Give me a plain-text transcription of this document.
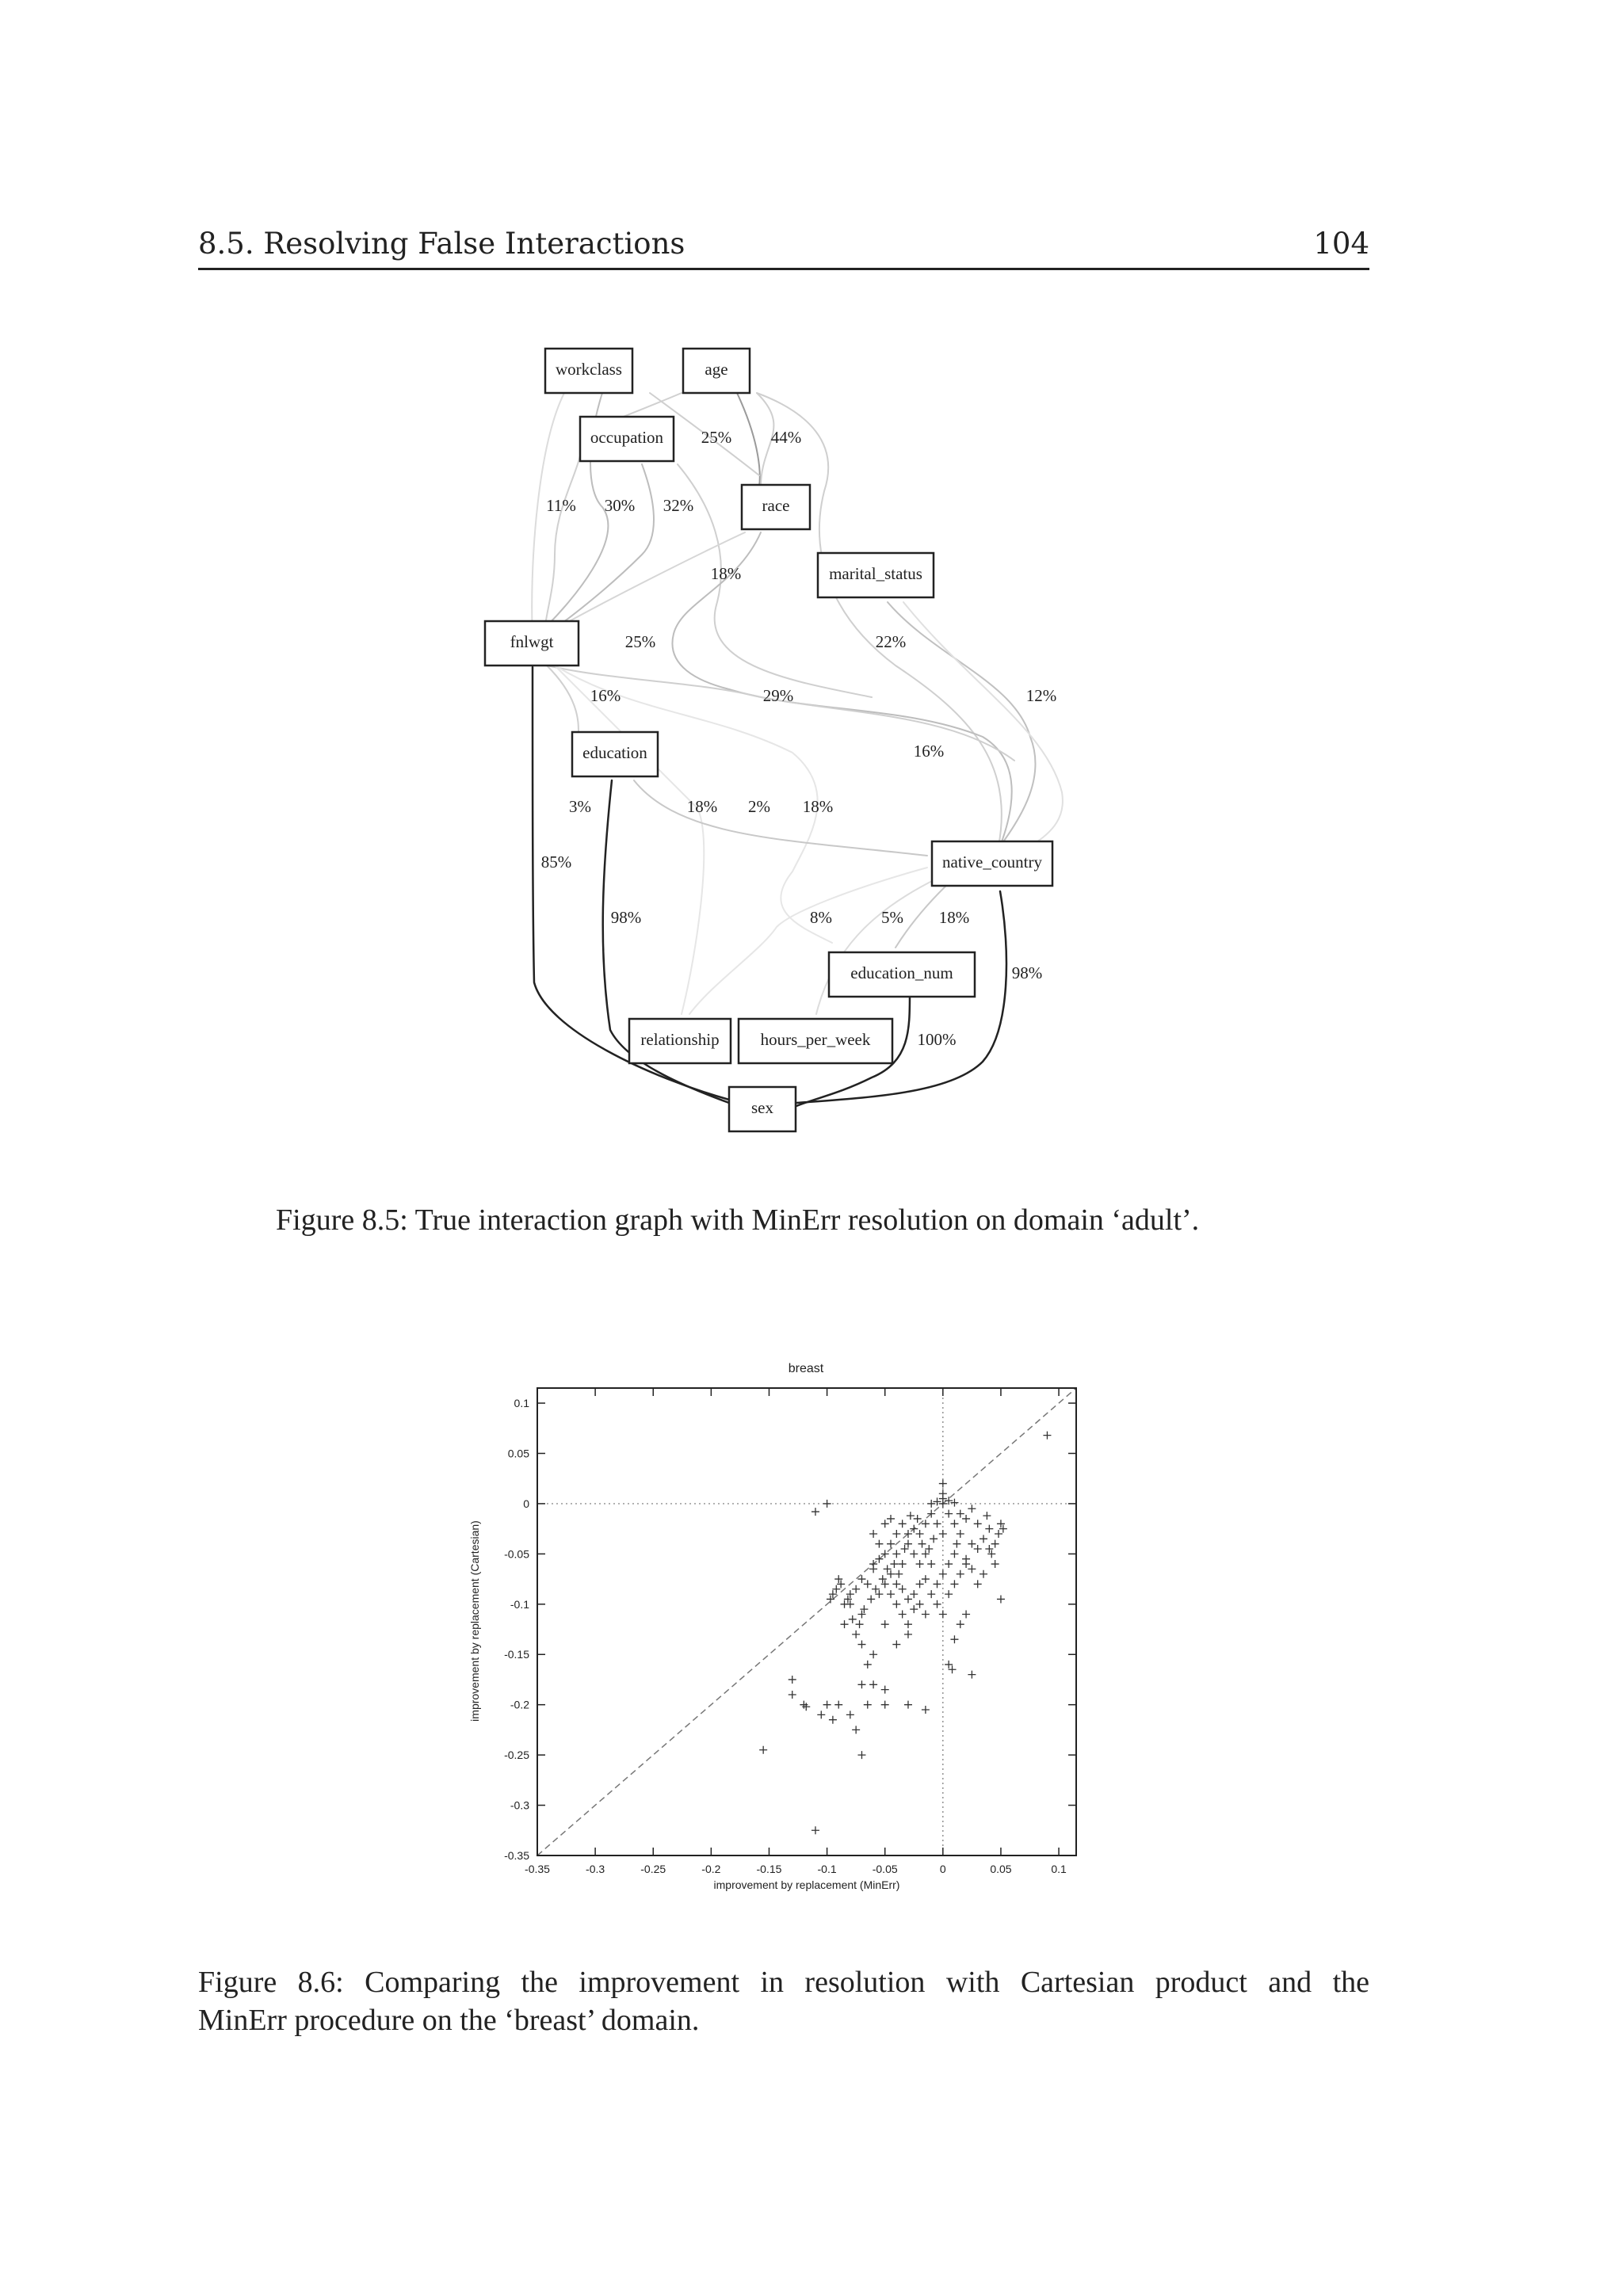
8.5. Resolving False Interactions	104
workclass	age
occupation
race
marital_status
fnlwgt
education
native_country
education_num
relationship hours_per_week
sex
25% 44%
11% 30% 32%
18%
25%	22%
16%	29%	12%
16%
3%	18% 2% 18%
85%
98%	8%	5% 18%
98%
100%
Figure 8.5: True interaction graph with MinErr resolution on domain ‘adult’.
breast
-0.35	-0.3	-0.25	-0.2	-0.15	-0.1	-0.05	0	0.05	0.1
0.1
0.05
0
-0.05
-0.1
-0.15
-0.2
-0.25
-0.3
-0.35
improvement by replacement (MinErr)
improvement by replacement (Cartesian)
Figure 8.6: Comparing the improvement in resolution with Cartesian product and the
MinErr procedure on the ‘breast’ domain.
